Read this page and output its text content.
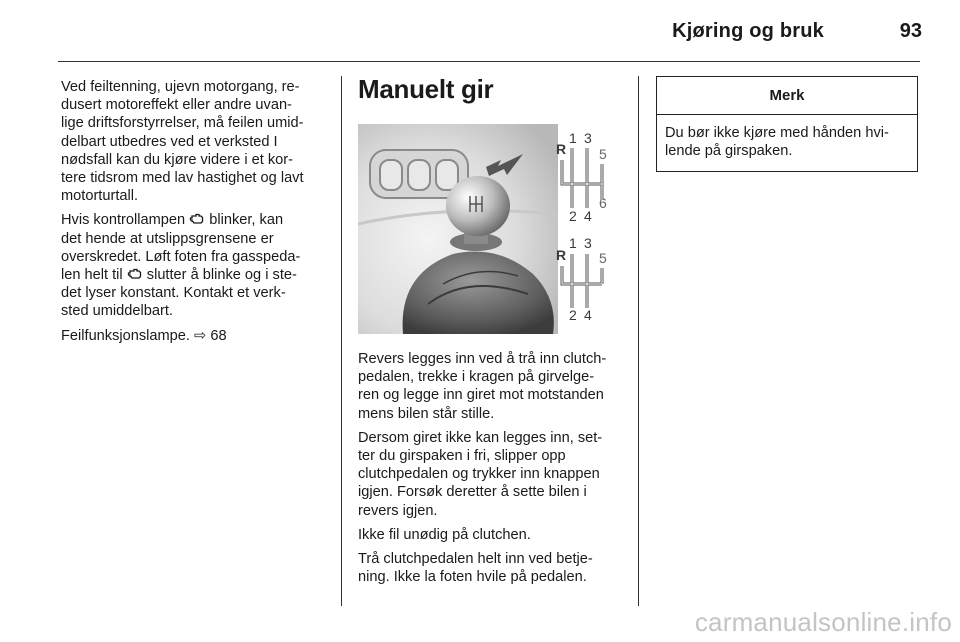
Kjøring og bruk	93

Ved feiltenning, ujevn motorgang, re-
dusert motoreffekt eller andre uvan-
lige driftsforstyrrelser, må feilen umid-
delbart utbedres ved et verksted I
nødsfall kan du kjøre videre i et kor-
tere tidsrom med lav hastighet og lavt
motorturtall.

Hvis kontrollampen blinker, kan
det hende at utslippsgrensene er
overskredet. Løft foten fra gasspeda-
len helt til slutter å blinke og i ste-
det lyser konstant. Kontakt et verk-
sted umiddelbart.

Feilfunksjonslampe. ⇨ 68

Manuelt gir
R
1 3
5
2 4
6
R
1 3
5
2 4

Revers legges inn ved å trå inn clutch-
pedalen, trekke i kragen på girvelge-
ren og legge inn giret mot motstanden
mens bilen står stille.

Dersom giret ikke kan legges inn, set-
ter du girspaken i fri, slipper opp
clutchpedalen og trykker inn knappen
igjen. Forsøk deretter å sette bilen i
revers igjen.

Ikke fil unødig på clutchen.

Trå clutchpedalen helt inn ved betje-
ning. Ikke la foten hvile på pedalen.

Merk
Du bør ikke kjøre med hånden hvi-
lende på girspaken.
carmanualsonline.info
